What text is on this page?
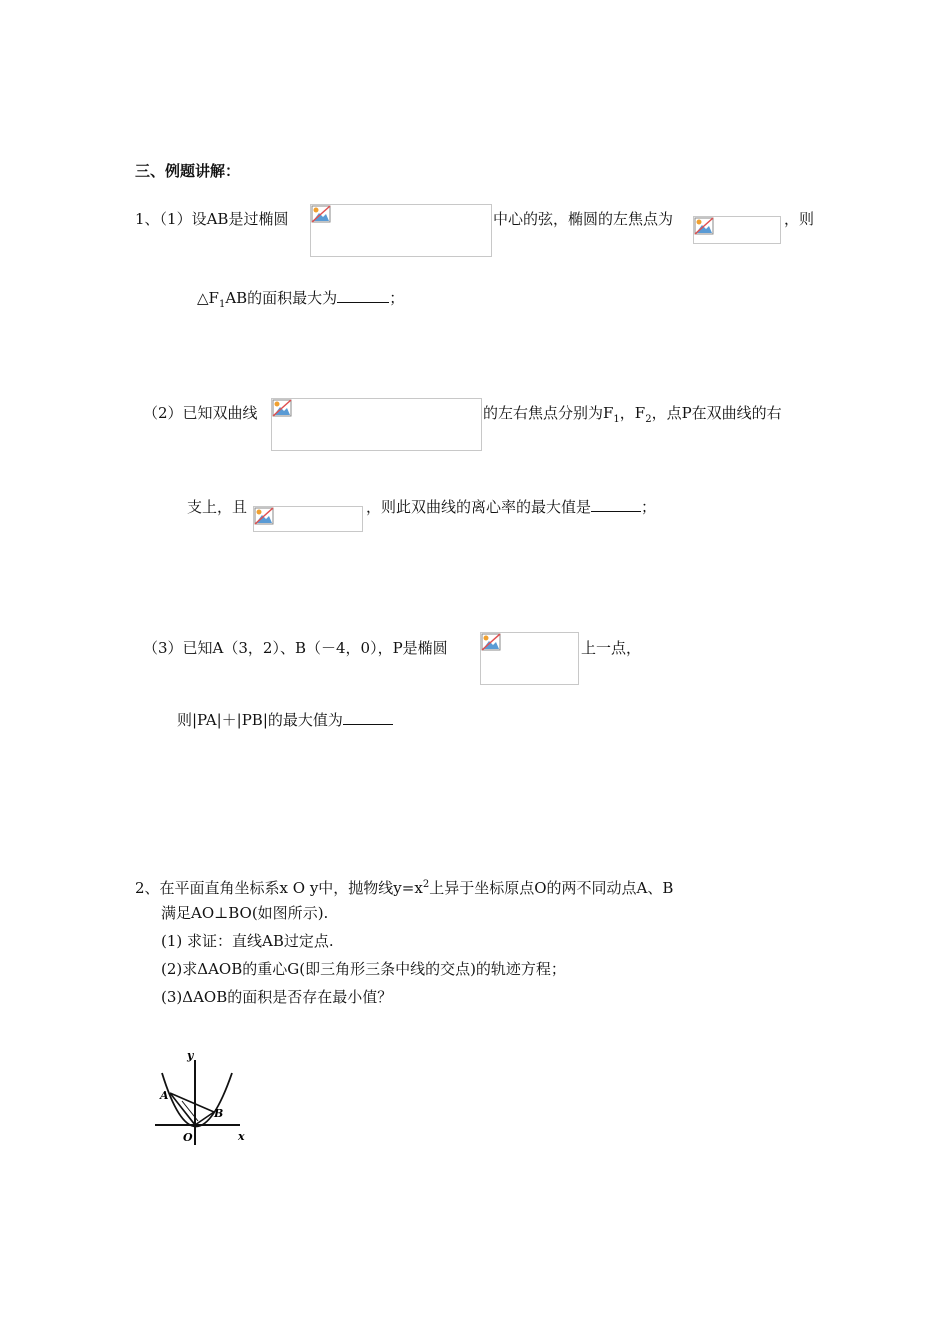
三、例题讲解：
1、（1）设AB是过椭圆	中心的弦，椭圆的左焦点为	，则
$\triangle F_1AB$的面积最大为	；
（2）已知双曲线	的左右焦点分别为$F_1$，$F_2$，点P在双曲线的右
支上，且	，则此双曲线的离心率的最大值是	；
（3）已知A（3，2）、B（－4，0），P是椭圆	上一点，
则|PA|＋|PB|的最大值为
2、在平面直角坐标系x O y中，抛物线$y=x^2$上异于坐标原点O的两不同动点A、B
满足AO⊥BO(如图所示).
(1) 求证：直线AB过定点.
(2)求ΔAOB的重心G(即三角形三条中线的交点)的轨迹方程；
(3)ΔAOB的面积是否存在最小值？
y
x
A
B
O
